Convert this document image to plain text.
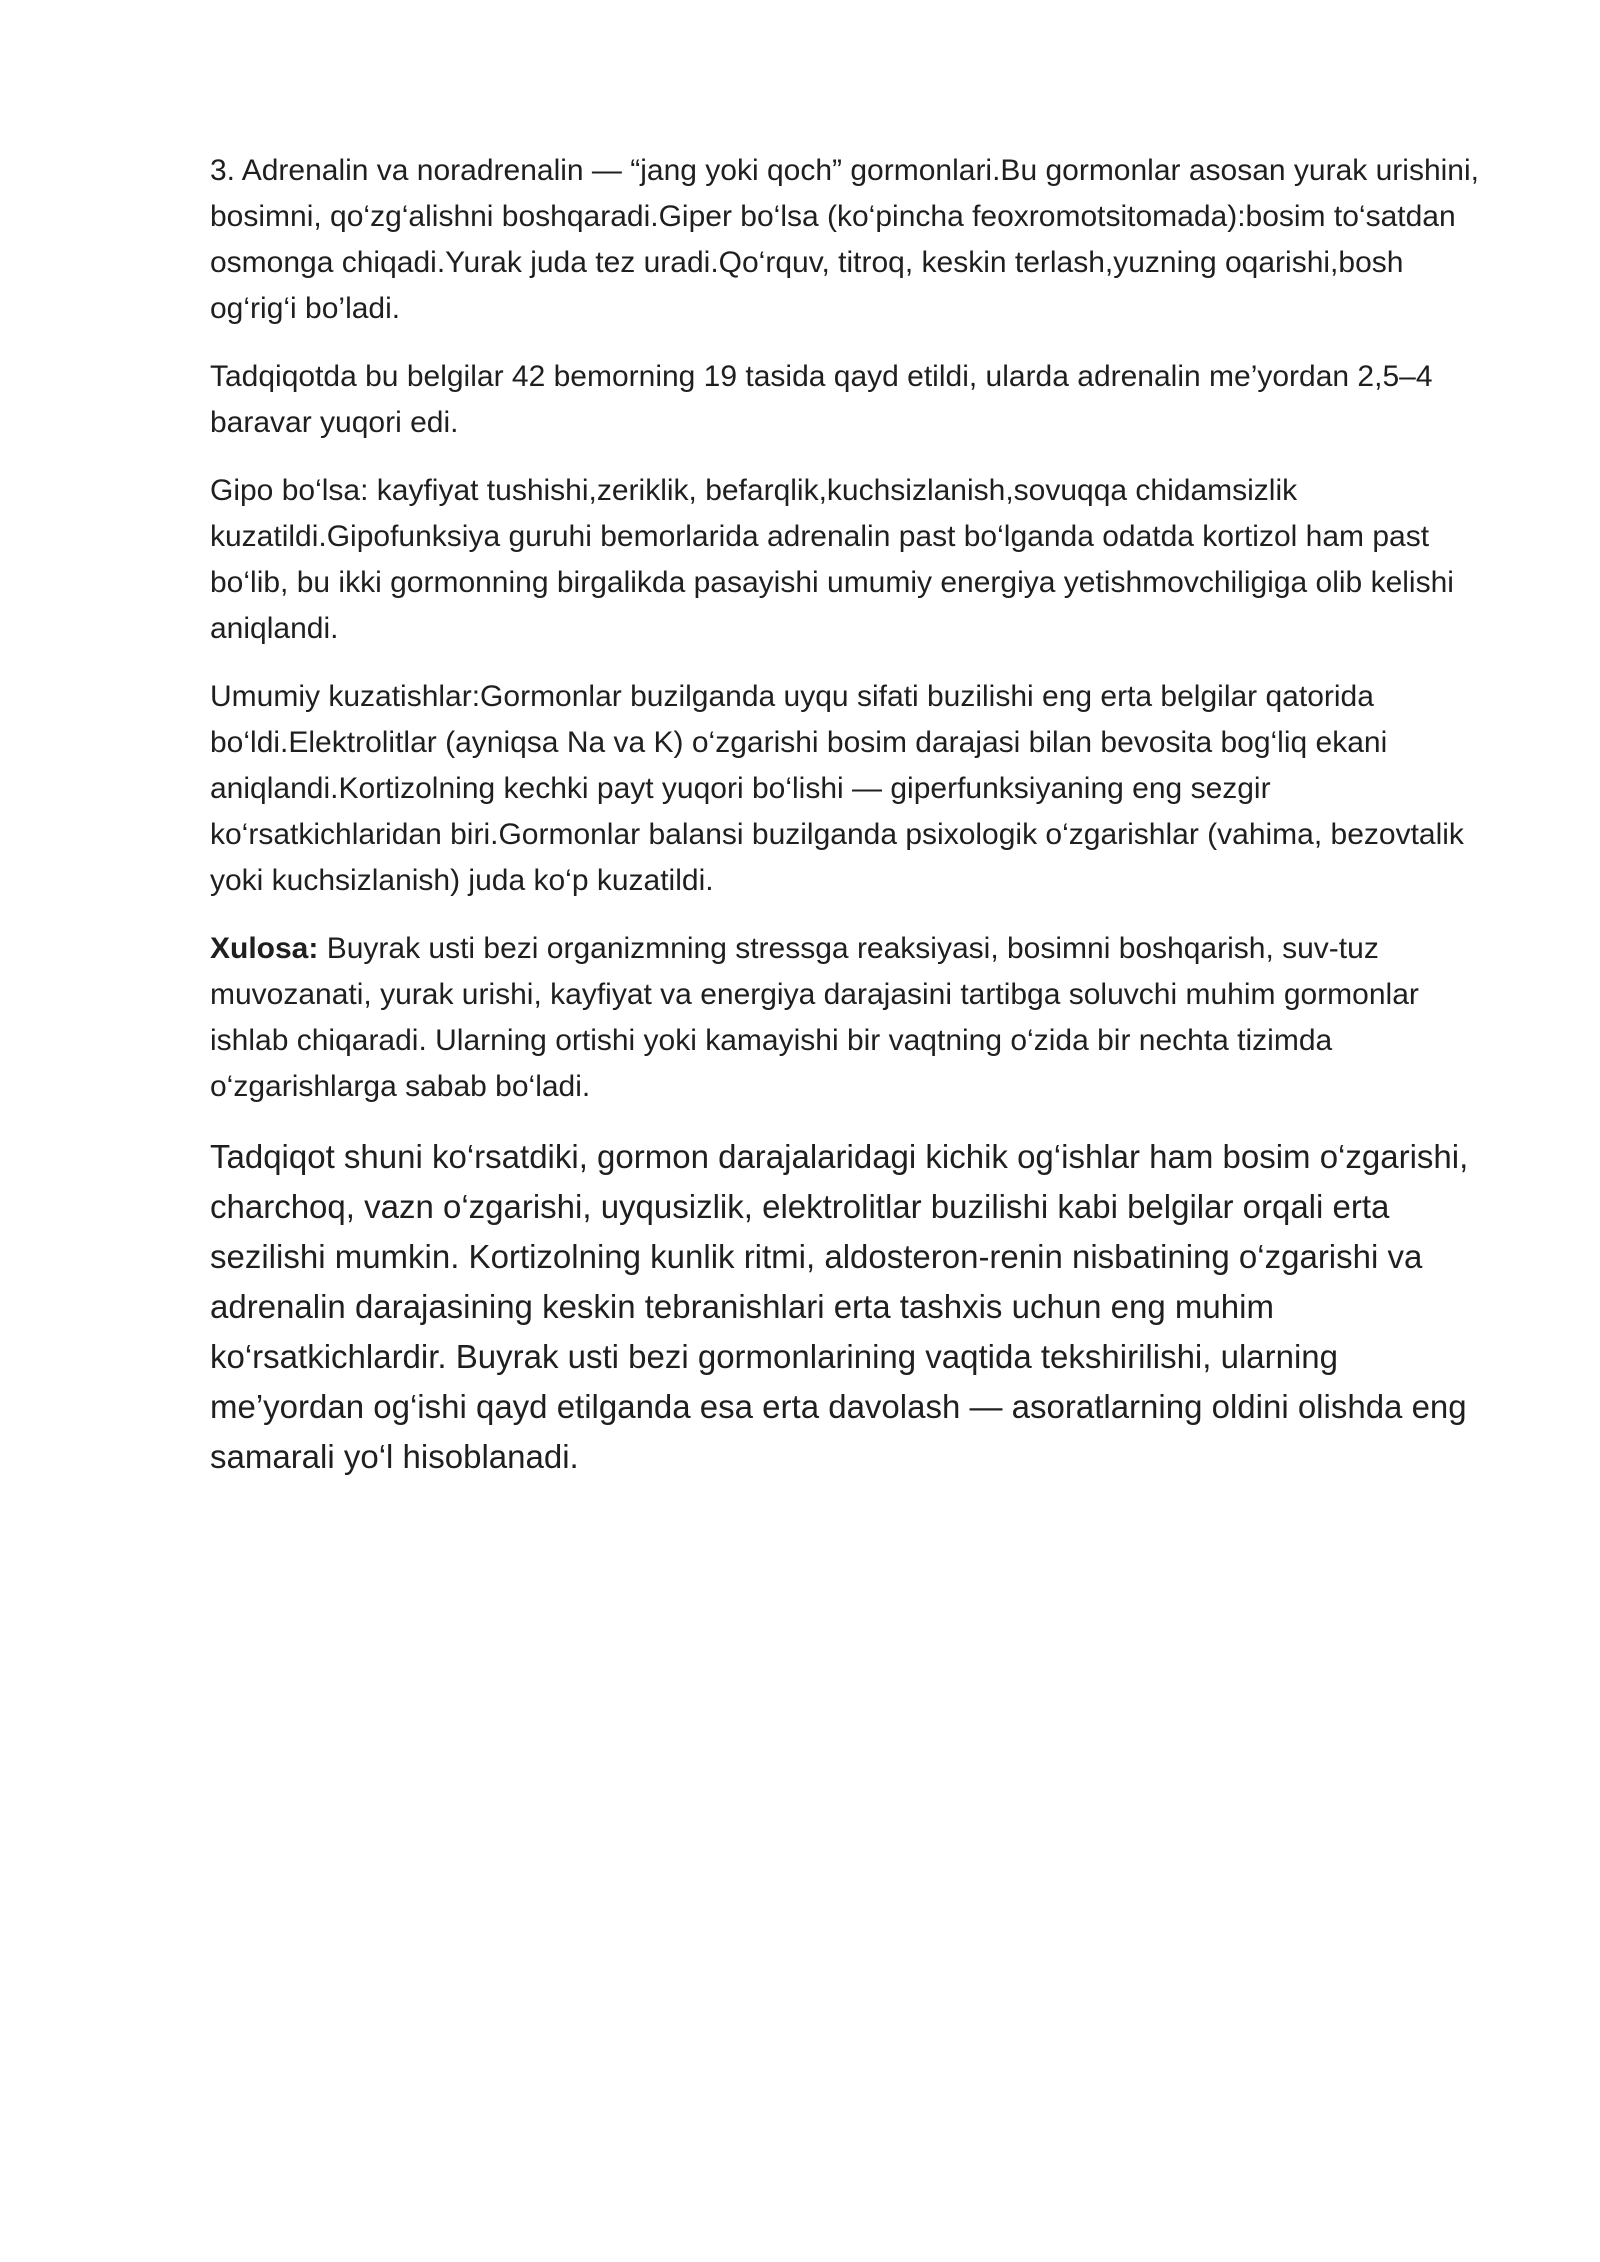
3. Adrenalin va noradrenalin — “jang yoki qoch” gormonlari.Bu gormonlar asosan yurak urishini, bosimni, qo‘zg‘alishni boshqaradi.Giper bo‘lsa (ko‘pincha feoxromotsitomada):bosim to‘satdan osmonga chiqadi.Yurak juda tez uradi.Qo‘rquv, titroq, keskin terlash,yuzning oqarishi,bosh og‘rig‘i bo’ladi.

Tadqiqotda bu belgilar 42 bemorning 19 tasida qayd etildi, ularda adrenalin me’yordan 2,5–4 baravar yuqori edi.

Gipo bo‘lsa: kayfiyat tushishi,zeriklik, befarqlik,kuchsizlanish,sovuqqa chidamsizlik kuzatildi.Gipofunksiya guruhi bemorlarida adrenalin past bo‘lganda odatda kortizol ham past bo‘lib, bu ikki gormonning birgalikda pasayishi umumiy energiya yetishmovchiligiga olib kelishi aniqlandi.

Umumiy kuzatishlar:Gormonlar buzilganda uyqu sifati buzilishi eng erta belgilar qatorida bo‘ldi.Elektrolitlar (ayniqsa Na va K) o‘zgarishi bosim darajasi bilan bevosita bog‘liq ekani aniqlandi.Kortizolning kechki payt yuqori bo‘lishi — giperfunksiyaning eng sezgir ko‘rsatkichlaridan biri.Gormonlar balansi buzilganda psixologik o‘zgarishlar (vahima, bezovtalik yoki kuchsizlanish) juda ko‘p kuzatildi.

Xulosa: Buyrak usti bezi organizmning stressga reaksiyasi, bosimni boshqarish, suv-tuz muvozanati, yurak urishi, kayfiyat va energiya darajasini tartibga soluvchi muhim gormonlar ishlab chiqaradi. Ularning ortishi yoki kamayishi bir vaqtning o‘zida bir nechta tizimda o‘zgarishlarga sabab bo‘ladi.

Tadqiqot shuni ko‘rsatdiki, gormon darajalaridagi kichik og‘ishlar ham bosim o‘zgarishi, charchoq, vazn o‘zgarishi, uyqusizlik, elektrolitlar buzilishi kabi belgilar orqali erta sezilishi mumkin. Kortizolning kunlik ritmi, aldosteron-renin nisbatining o‘zgarishi va adrenalin darajasining keskin tebranishlari erta tashxis uchun eng muhim ko‘rsatkichlardir. Buyrak usti bezi gormonlarining vaqtida tekshirilishi, ularning me’yordan og‘ishi qayd etilganda esa erta davolash — asoratlarning oldini olishda eng samarali yo‘l hisoblanadi.
